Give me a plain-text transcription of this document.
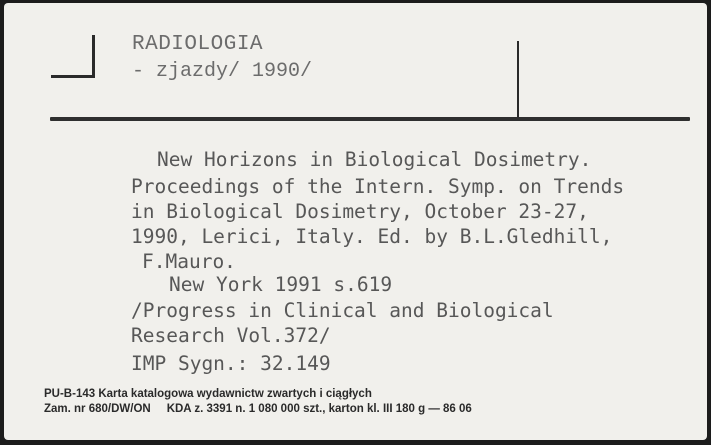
RADIOLOGIA
- zjazdy/ 1990/
New Horizons in Biological Dosimetry.
Proceedings of the Intern. Symp. on Trends
in Biological Dosimetry, October 23-27,
1990, Lerici, Italy. Ed. by B.L.Gledhill,
F.Mauro.
New York 1991 s.619
/Progress in Clinical and Biological
Research Vol.372/
IMP Sygn.: 32.149
PU-B-143 Karta katalogowa wydawnictw zwartych i ciągłych
Zam. nr 680/DW/ON     KDA z. 3391 n. 1 080 000 szt., karton kl. III 180 g — 86 06
